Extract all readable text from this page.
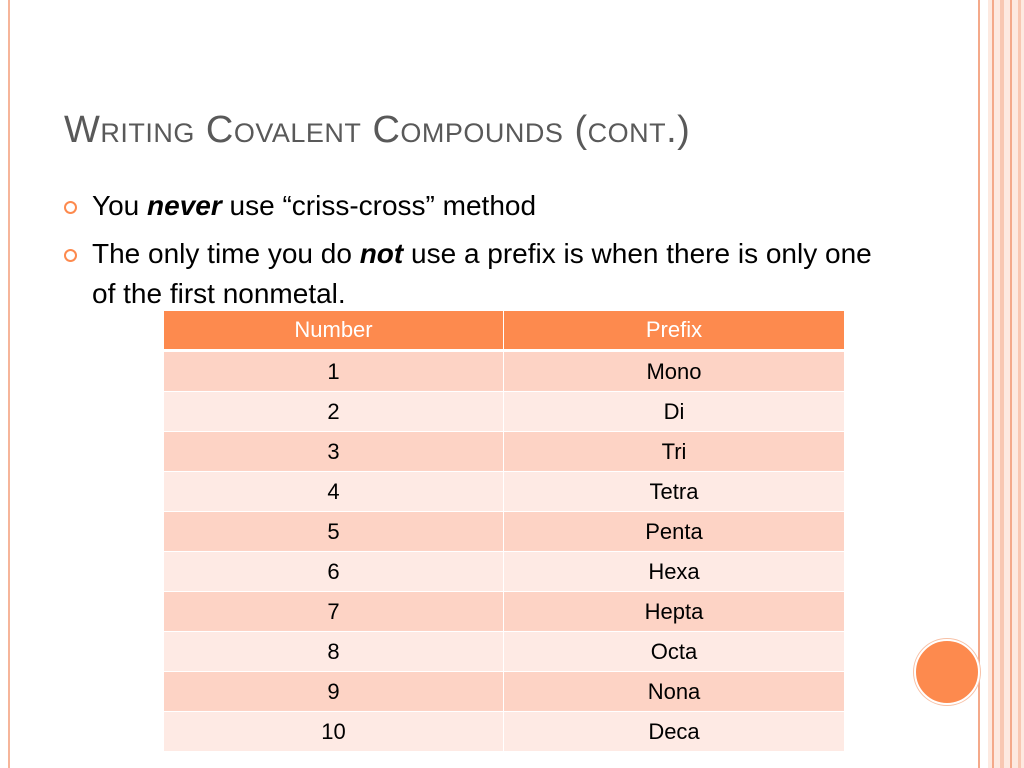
Writing Covalent Compounds (cont.)
You never use “criss-cross” method
The only time you do not use a prefix is when there is only one of the first nonmetal.
Number	Prefix
1	Mono
2	Di
3	Tri
4	Tetra
5	Penta
6	Hexa
7	Hepta
8	Octa
9	Nona
10	Deca
